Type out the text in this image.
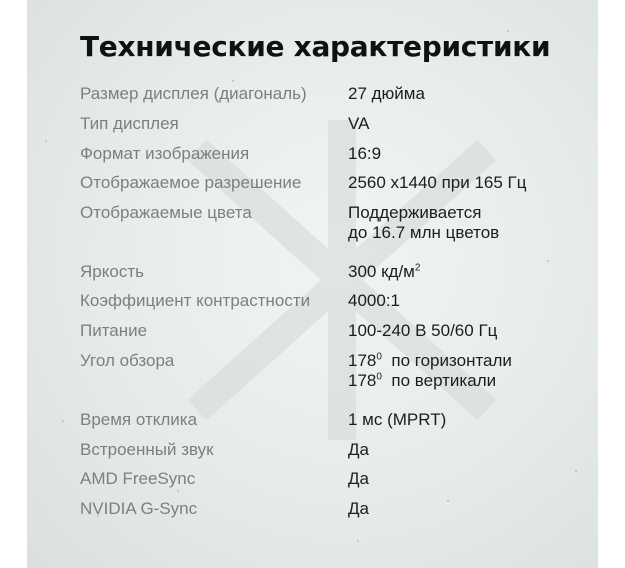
Технические характеристики
Размер дисплея (диагональ) 27 дюйма
Тип дисплея	VA
Формат изображения	16:9
Отображаемое разрешение	2560 x1440 при 165 Гц
Отображаемые цвета	Поддерживается
до 16.7 млн цветов
Яркость	300 $кд/м^2$
Коэффициент контрастности 4000:1
Питание	100-240 В 50/60 Гц
Угол обзора	$178^0$ по горизонтали
$178^0$ по вертикали
Время отклика	1 мс (MPRT)
Встроенный звук	Да
AMD FreeSync	Да
NVIDIA G-Sync	Да
